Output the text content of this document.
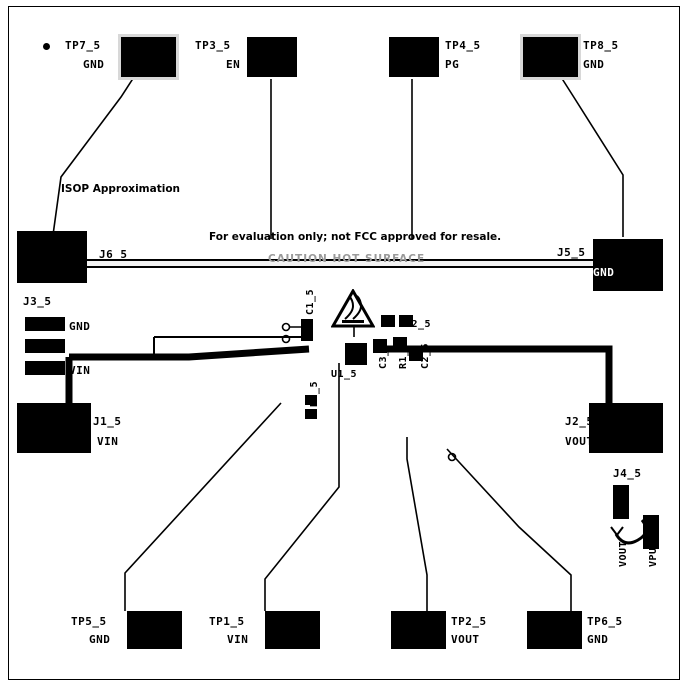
TP7_5
GND
TP3_5
EN
TP4_5
PG
TP8_5
GND
ISOP Approximation
For evaluation only; not FCC approved for resale.
CAUTION HOT SURFACE
J6_5
GND
J5_5
GND
J3_5
GND
EN
VIN
C1_5
R2_5
U1_5
C3_5 R1_5 C2_5
R3_5
J1_5
VIN
J2_5
VOUT
J4_5
VOUT VPU
TP5_5
GND
TP1_5
VIN
TP2_5
VOUT
TP6_5
GND
